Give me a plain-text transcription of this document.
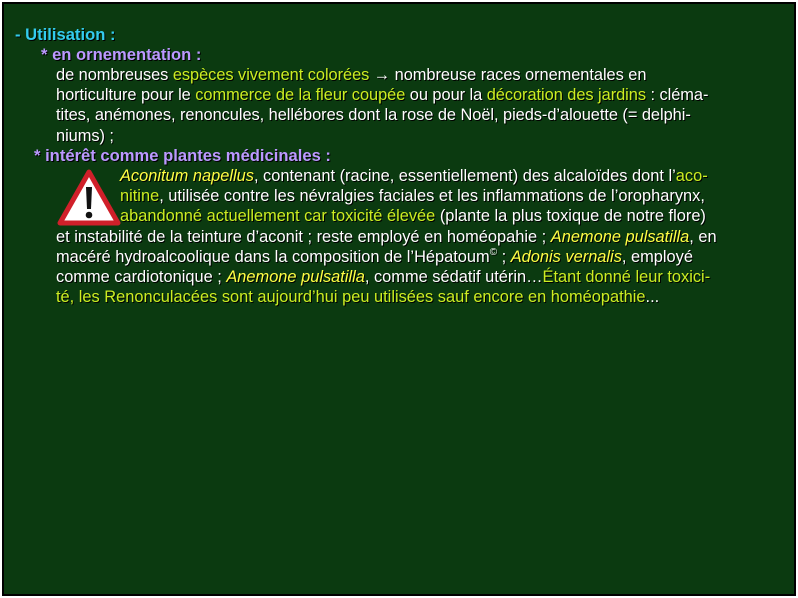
- Utilisation :
* en ornementation :
de nombreuses espèces vivement colorées → nombreuse races ornementales en
horticulture pour le commerce de la fleur coupée ou pour la décoration des jardins : cléma-
tites, anémones, renoncules, hellébores dont la rose de Noël, pieds-d’alouette (= delphi-
niums) ;
* intérêt comme plantes médicinales :
Aconitum napellus, contenant (racine, essentiellement) des alcaloïdes dont l’aco-
nitine, utilisée contre les névralgies faciales et les inflammations de l’oropharynx,
abandonné actuellement car toxicité élevée (plante la plus toxique de notre flore)
et instabilité de la teinture d’aconit ; reste employé en homéopahie ; Anemone pulsatilla, en
macéré hydroalcoolique dans la composition de l’Hépatoum© ; Adonis vernalis, employé
comme cardiotonique ; Anemone pulsatilla, comme sédatif utérin…Étant donné leur toxici-
té, les Renonculacées sont aujourd’hui peu utilisées sauf encore en homéopathie...
